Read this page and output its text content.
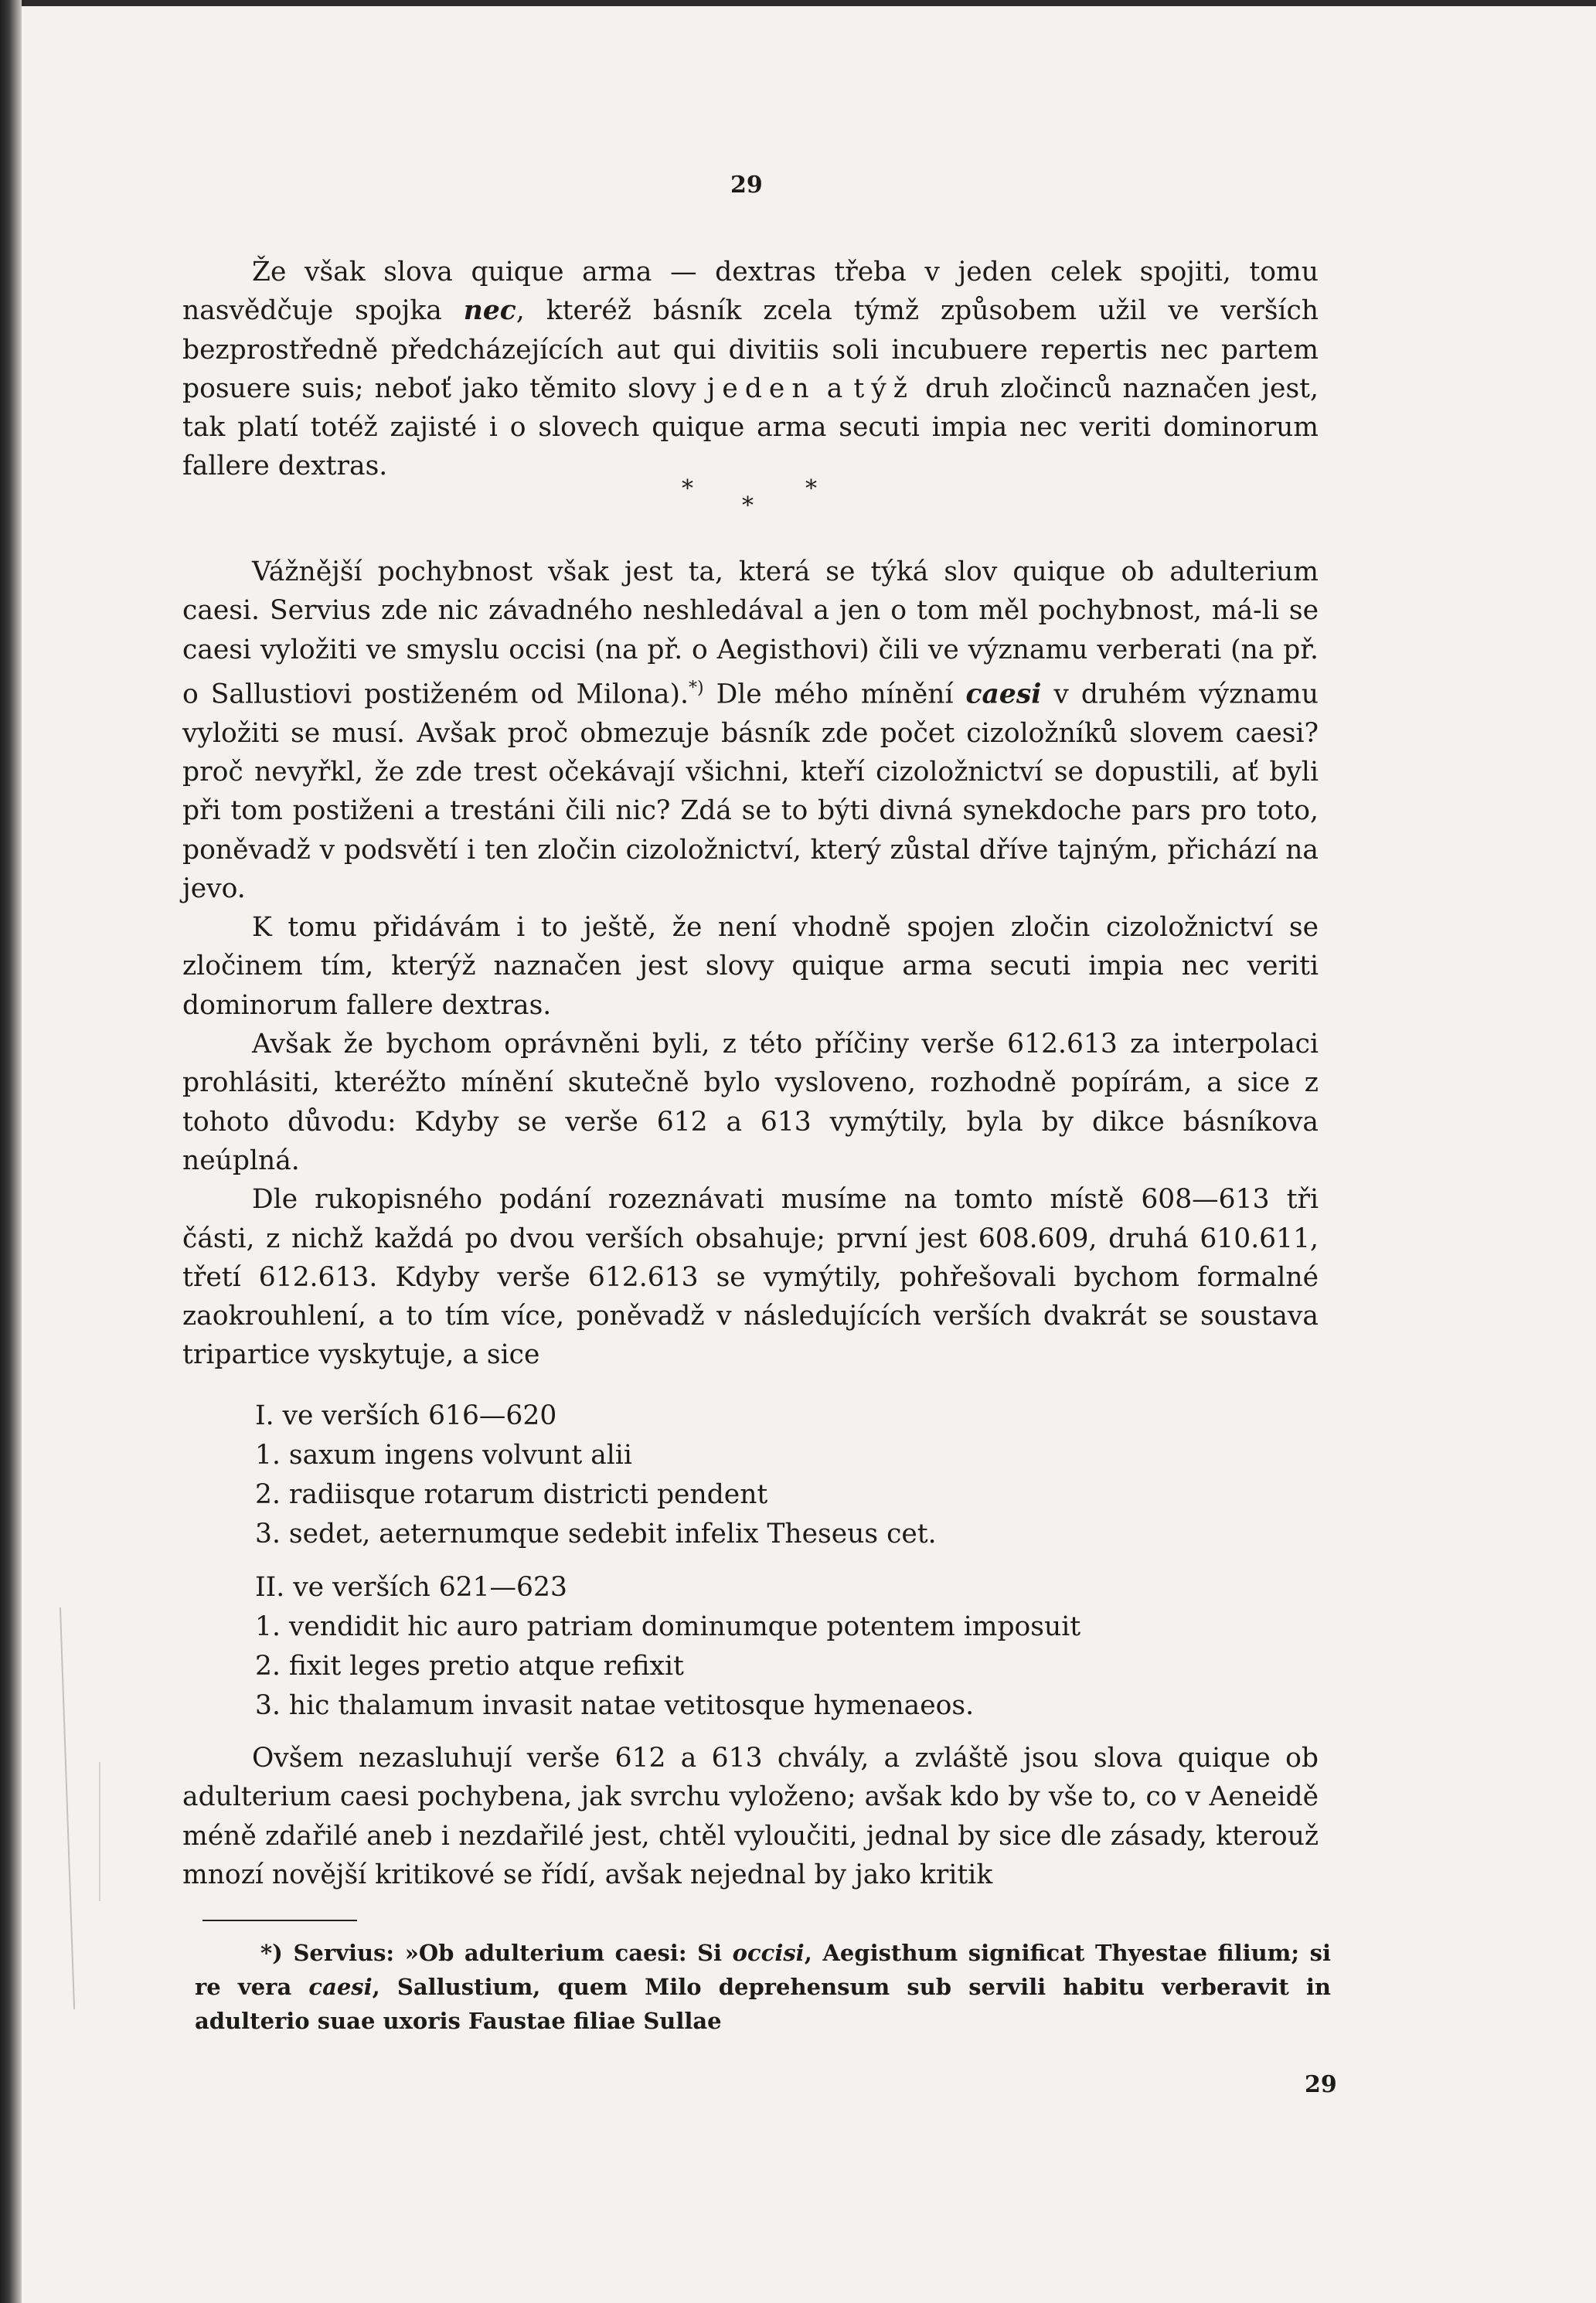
29

Že však slova quique arma — dextras třeba v jeden celek spojiti, tomu nasvědčuje spojka nec, kteréž básník zcela týmž způsobem užil ve verších bezprostředně předcházejících aut qui divitiis soli incubuere repertis nec partem posuere suis; neboť jako těmito slovy jeden a týž druh zločinců naznačen jest, tak platí totéž zajisté i o slovech quique arma secuti impia nec veriti dominorum fallere dextras.

*
*
*

Vážnější pochybnost však jest ta, která se týká slov quique ob adulterium caesi. Servius zde nic závadného neshledával a jen o tom měl pochybnost, má-li se caesi vyložiti ve smyslu occisi (na př. o Aegisthovi) čili ve významu verberati (na př. o Sallustiovi postiženém od Milona).*) Dle mého mínění caesi v druhém významu vyložiti se musí. Avšak proč obmezuje básník zde počet cizoložníků slovem caesi? proč nevyřkl, že zde trest očekávají všichni, kteří cizoložnictví se dopustili, ať byli při tom postiženi a trestáni čili nic? Zdá se to býti divná synekdoche pars pro toto, poněvadž v podsvětí i ten zločin cizoložnictví, který zůstal dříve tajným, přichází na jevo.

K tomu přidávám i to ještě, že není vhodně spojen zločin cizoložnictví se zločinem tím, kterýž naznačen jest slovy quique arma secuti impia nec veriti dominorum fallere dextras.

Avšak že bychom oprávněni byli, z této příčiny verše 612.613 za interpolaci prohlásiti, kteréžto mínění skutečně bylo vysloveno, rozhodně popírám, a sice z tohoto důvodu: Kdyby se verše 612 a 613 vymýtily, byla by dikce básníkova neúplná.

Dle rukopisného podání rozeznávati musíme na tomto místě 608—613 tři části, z nichž každá po dvou verších obsahuje; první jest 608.609, druhá 610.611, třetí 612.613. Kdyby verše 612.613 se vymýtily, pohřešovali bychom formalné zaokrouhlení, a to tím více, poněvadž v následujících verších dvakrát se soustava tripartice vyskytuje, a sice

I. ve verších 616—620
1. saxum ingens volvunt alii
2. radiisque rotarum districti pendent
3. sedet, aeternumque sedebit infelix Theseus cet.
II. ve verších 621—623
1. vendidit hic auro patriam dominumque potentem imposuit
2. fixit leges pretio atque refixit
3. hic thalamum invasit natae vetitosque hymenaeos.

Ovšem nezasluhují verše 612 a 613 chvály, a zvláště jsou slova quique ob adulterium caesi pochybena, jak svrchu vyloženo; avšak kdo by vše to, co v Aeneidě méně zdařilé aneb i nezdařilé jest, chtěl vyloučiti, jednal by sice dle zásady, kterouž mnozí novější kritikové se řídí, avšak nejednal by jako kritik

*) Servius: »Ob adulterium caesi: Si occisi, Aegisthum significat Thyestae filium; si re vera caesi, Sallustium, quem Milo deprehensum sub servili habitu verberavit in adulterio suae uxoris Faustae filiae Sullae

29
